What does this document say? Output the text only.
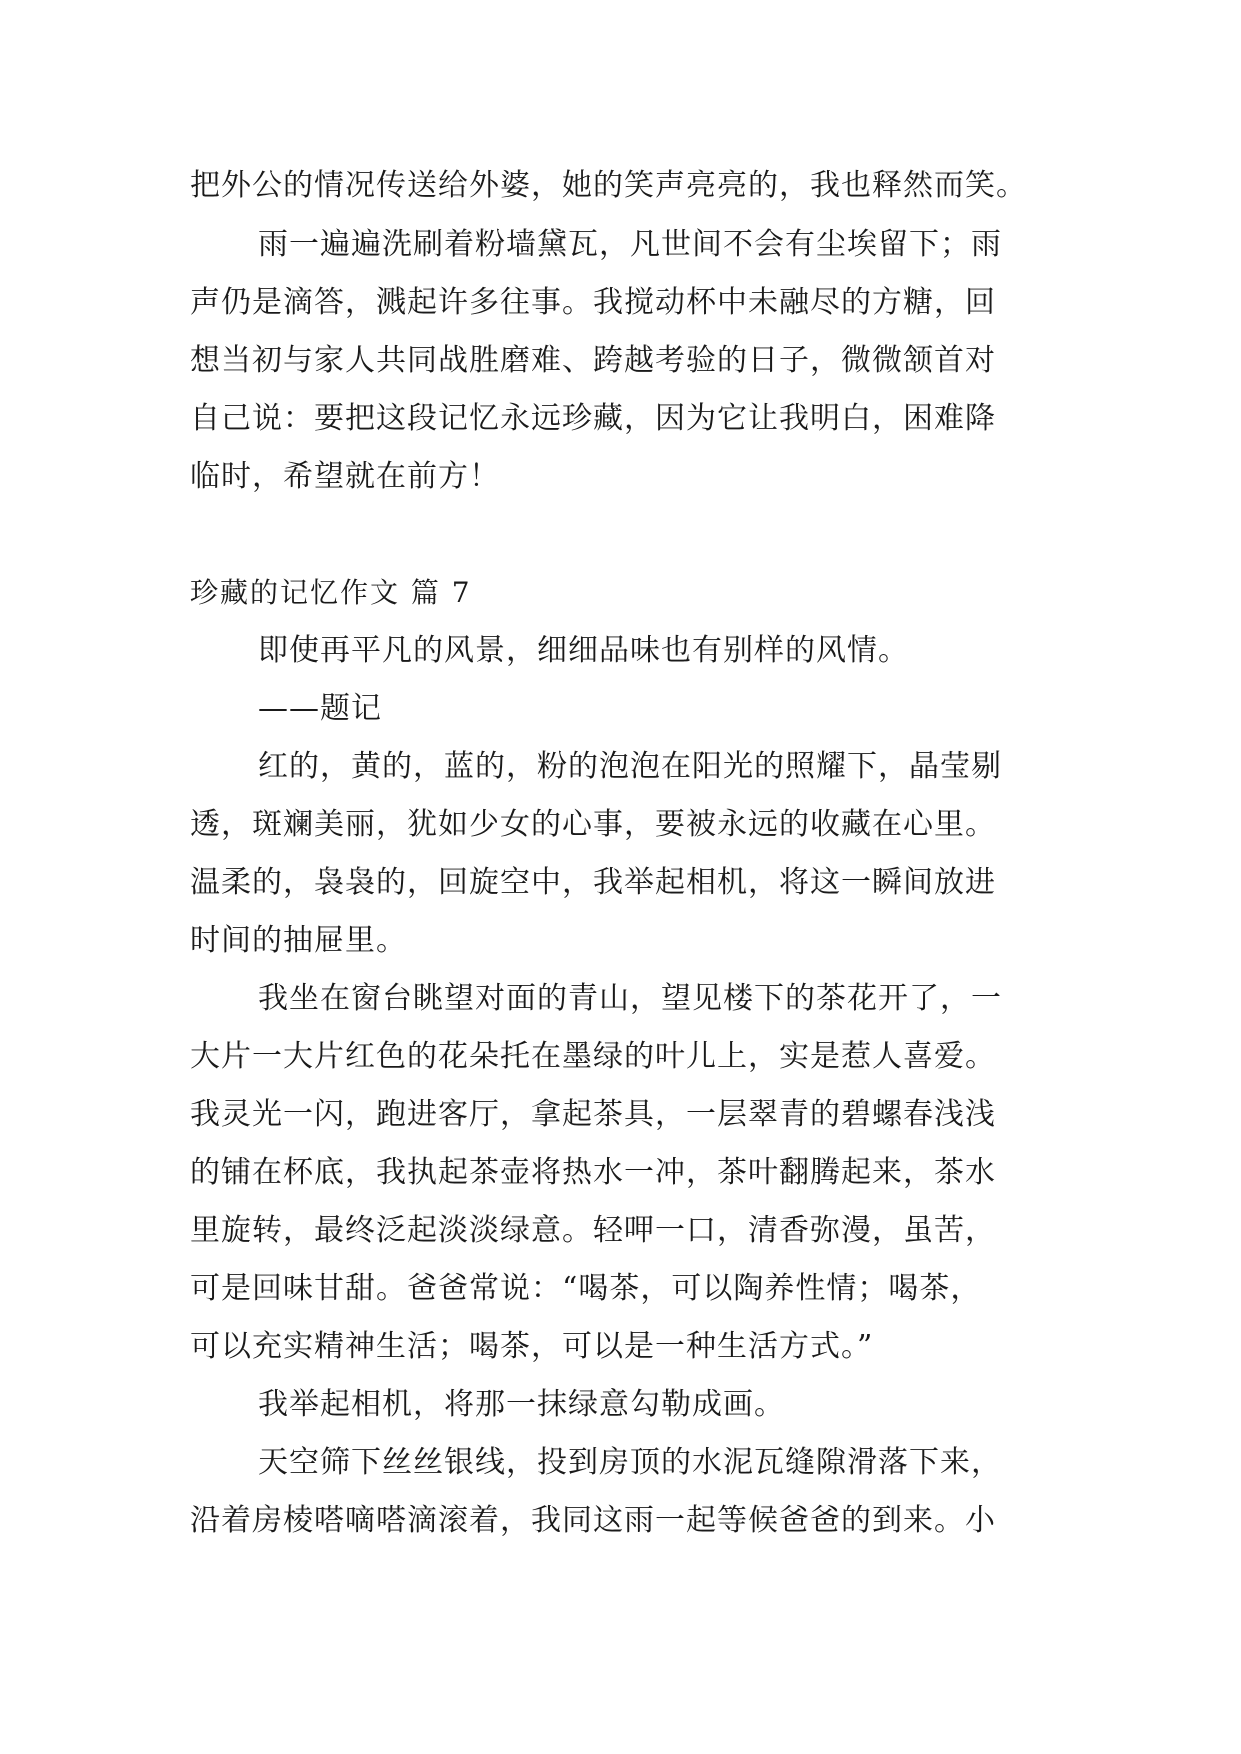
把外公的情况传送给外婆，她的笑声亮亮的，我也释然而笑。
雨一遍遍洗刷着粉墙黛瓦，凡世间不会有尘埃留下；雨
声仍是滴答，溅起许多往事。我搅动杯中未融尽的方糖，回
想当初与家人共同战胜磨难、跨越考验的日子，微微颔首对
自己说：要把这段记忆永远珍藏，因为它让我明白，困难降
临时，希望就在前方！
珍藏的记忆作文 篇 7
即使再平凡的风景，细细品味也有别样的风情。
——题记
红的，黄的，蓝的，粉的泡泡在阳光的照耀下，晶莹剔
透，斑斓美丽，犹如少女的心事，要被永远的收藏在心里。
温柔的，袅袅的，回旋空中，我举起相机，将这一瞬间放进
时间的抽屉里。
我坐在窗台眺望对面的青山，望见楼下的茶花开了，一
大片一大片红色的花朵托在墨绿的叶儿上，实是惹人喜爱。
我灵光一闪，跑进客厅，拿起茶具，一层翠青的碧螺春浅浅
的铺在杯底，我执起茶壶将热水一冲，茶叶翻腾起来，茶水
里旋转，最终泛起淡淡绿意。轻呷一口，清香弥漫，虽苦，
可是回味甘甜。爸爸常说：“喝茶，可以陶养性情；喝茶，
可以充实精神生活；喝茶，可以是一种生活方式。”
我举起相机，将那一抹绿意勾勒成画。
天空筛下丝丝银线，投到房顶的水泥瓦缝隙滑落下来，
沿着房棱嗒嘀嗒滴滚着，我同这雨一起等候爸爸的到来。小
